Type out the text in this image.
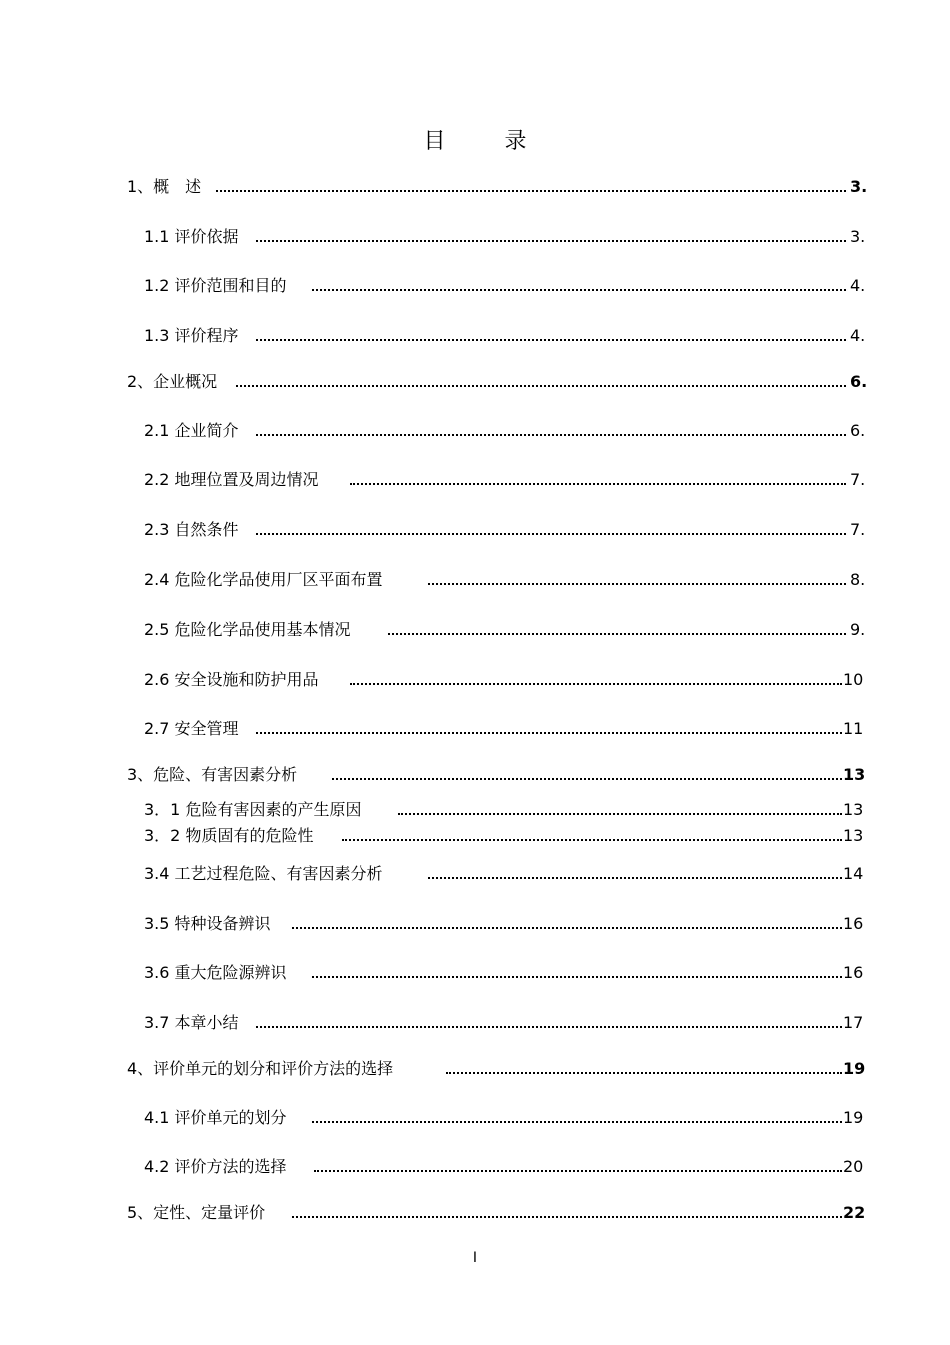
目 录
1、概　述	3.
1.1 评价依据	3.
1.2 评价范围和目的	4.
1.3 评价程序	4.
2、企业概况	6.
2.1 企业简介	6.
2.2 地理位置及周边情况	7.
2.3 自然条件	7.
2.4 危险化学品使用厂区平面布置	8.
2.5 危险化学品使用基本情况	9.
2.6 安全设施和防护用品	10
2.7 安全管理	11
3、危险、有害因素分析	13
3．1 危险有害因素的产生原因	13
3．2 物质固有的危险性	13
3.4 工艺过程危险、有害因素分析	14
3.5 特种设备辨识	16
3.6 重大危险源辨识	16
3.7 本章小结	17
4、评价单元的划分和评价方法的选择	19
4.1 评价单元的划分	19
4.2 评价方法的选择	20
5、定性、定量评价	22
I
